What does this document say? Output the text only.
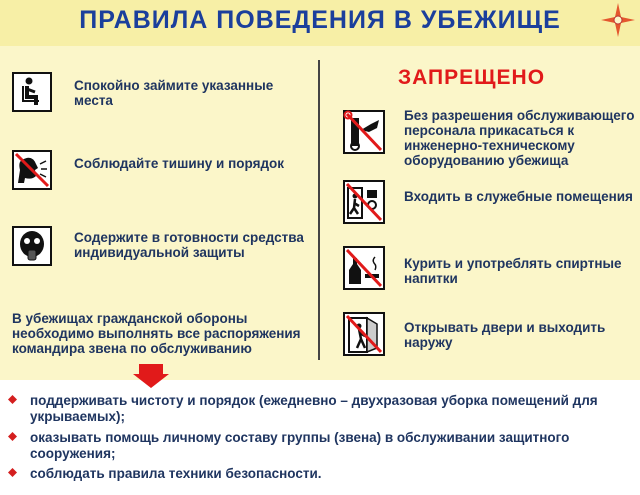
ПРАВИЛА ПОВЕДЕНИЯ В УБЕЖИЩЕ
Спокойно займите указанные места
Соблюдайте тишину и порядок
Содержите в готовности средства индивидуальной защиты
В убежищах гражданской обороны необходимо выполнять все распоряжения командира звена по обслуживанию
ЗАПРЕЩЕНО
Без разрешения обслуживающего персонала прикасаться к инженерно-техническому оборудованию убежища
Входить в служебные помещения
Курить и употреблять спиртные напитки
Открывать двери и выходить наружу
поддерживать чистоту и порядок (ежедневно – двухразовая уборка помещений для укрываемых);
оказывать помощь личному составу группы (звена) в обслуживании защитного сооружения;
соблюдать правила техники безопасности.
